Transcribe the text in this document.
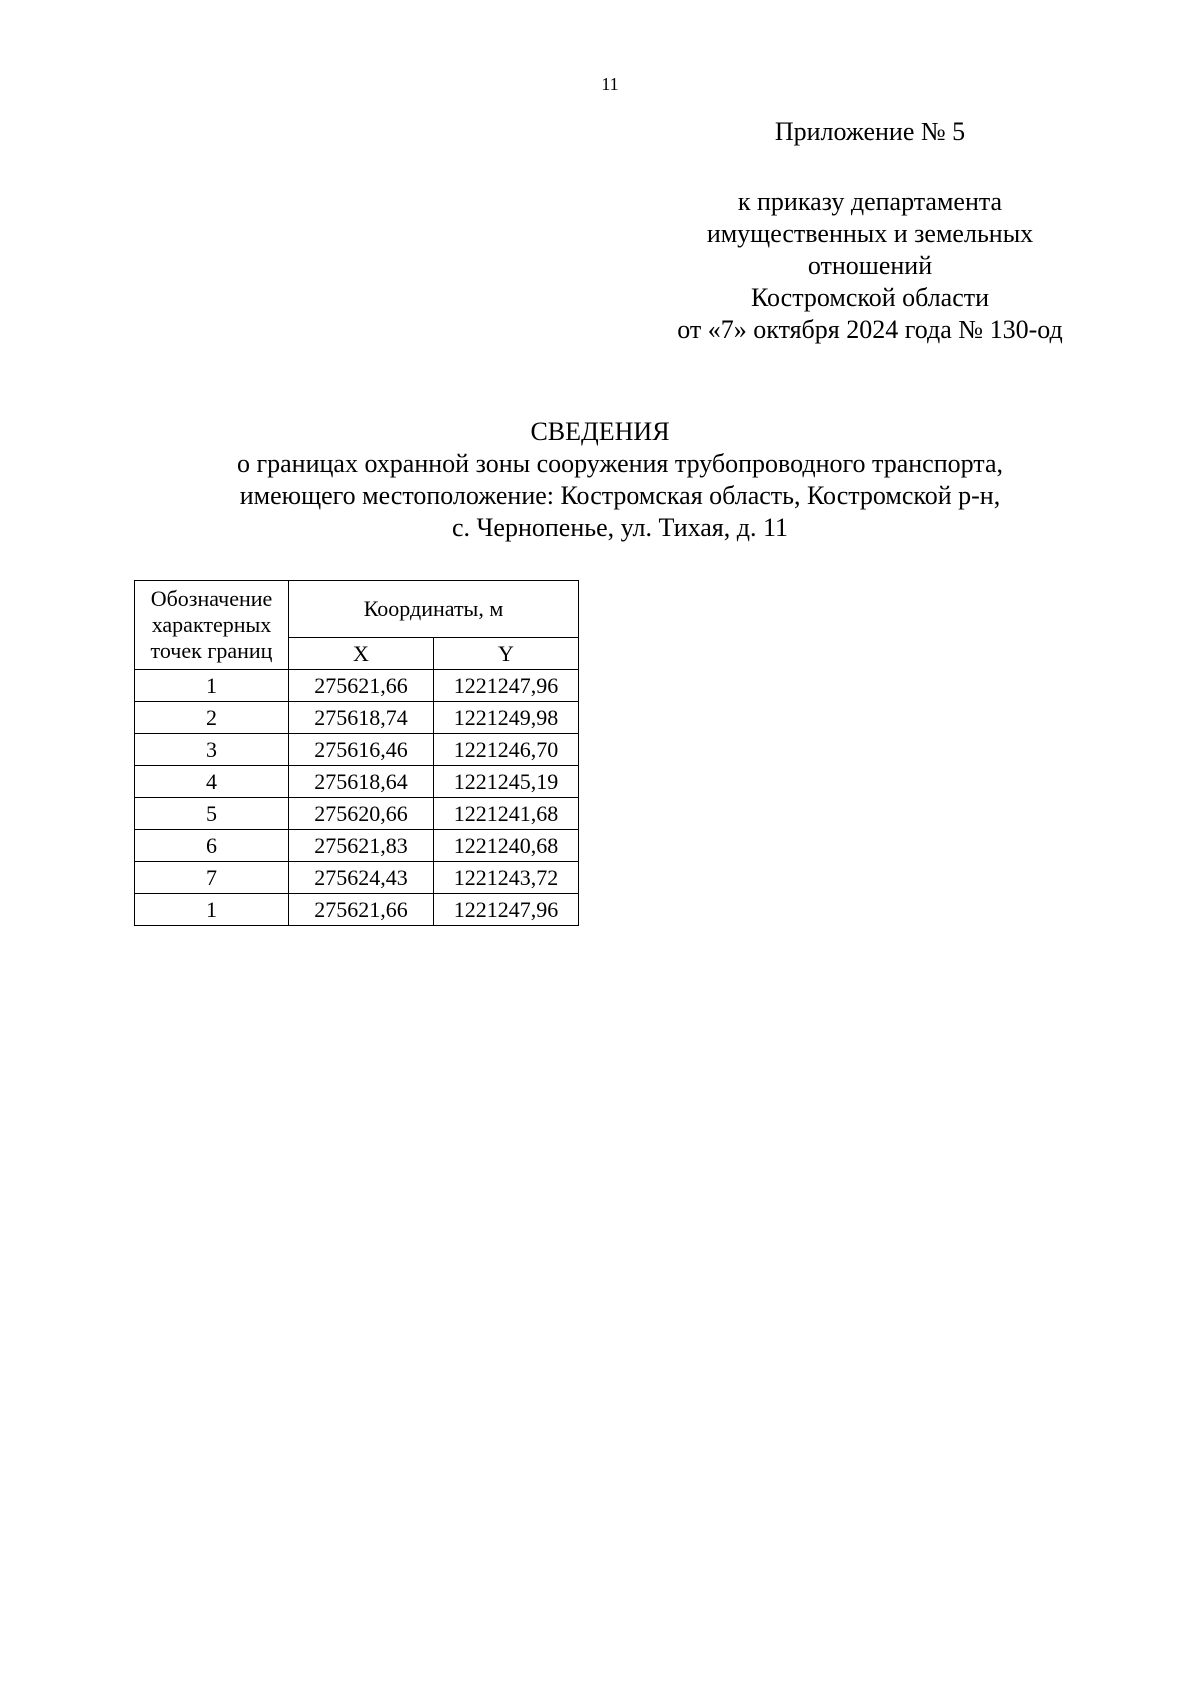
11
Приложение № 5
к приказу департамента
имущественных и земельных
отношений
Костромской области
от «7» октября 2024 года № 130-од
СВЕДЕНИЯ
о границах охранной зоны сооружения трубопроводного транспорта,
имеющего местоположение: Костромская область, Костромской р-н,
с. Чернопенье, ул. Тихая, д. 11
Обозначение
характерных
точек границ	Координаты, м	
	X	Y
1	275621,66	1221247,96
2	275618,74	1221249,98
3	275616,46	1221246,70
4	275618,64	1221245,19
5	275620,66	1221241,68
6	275621,83	1221240,68
7	275624,43	1221243,72
1	275621,66	1221247,96
